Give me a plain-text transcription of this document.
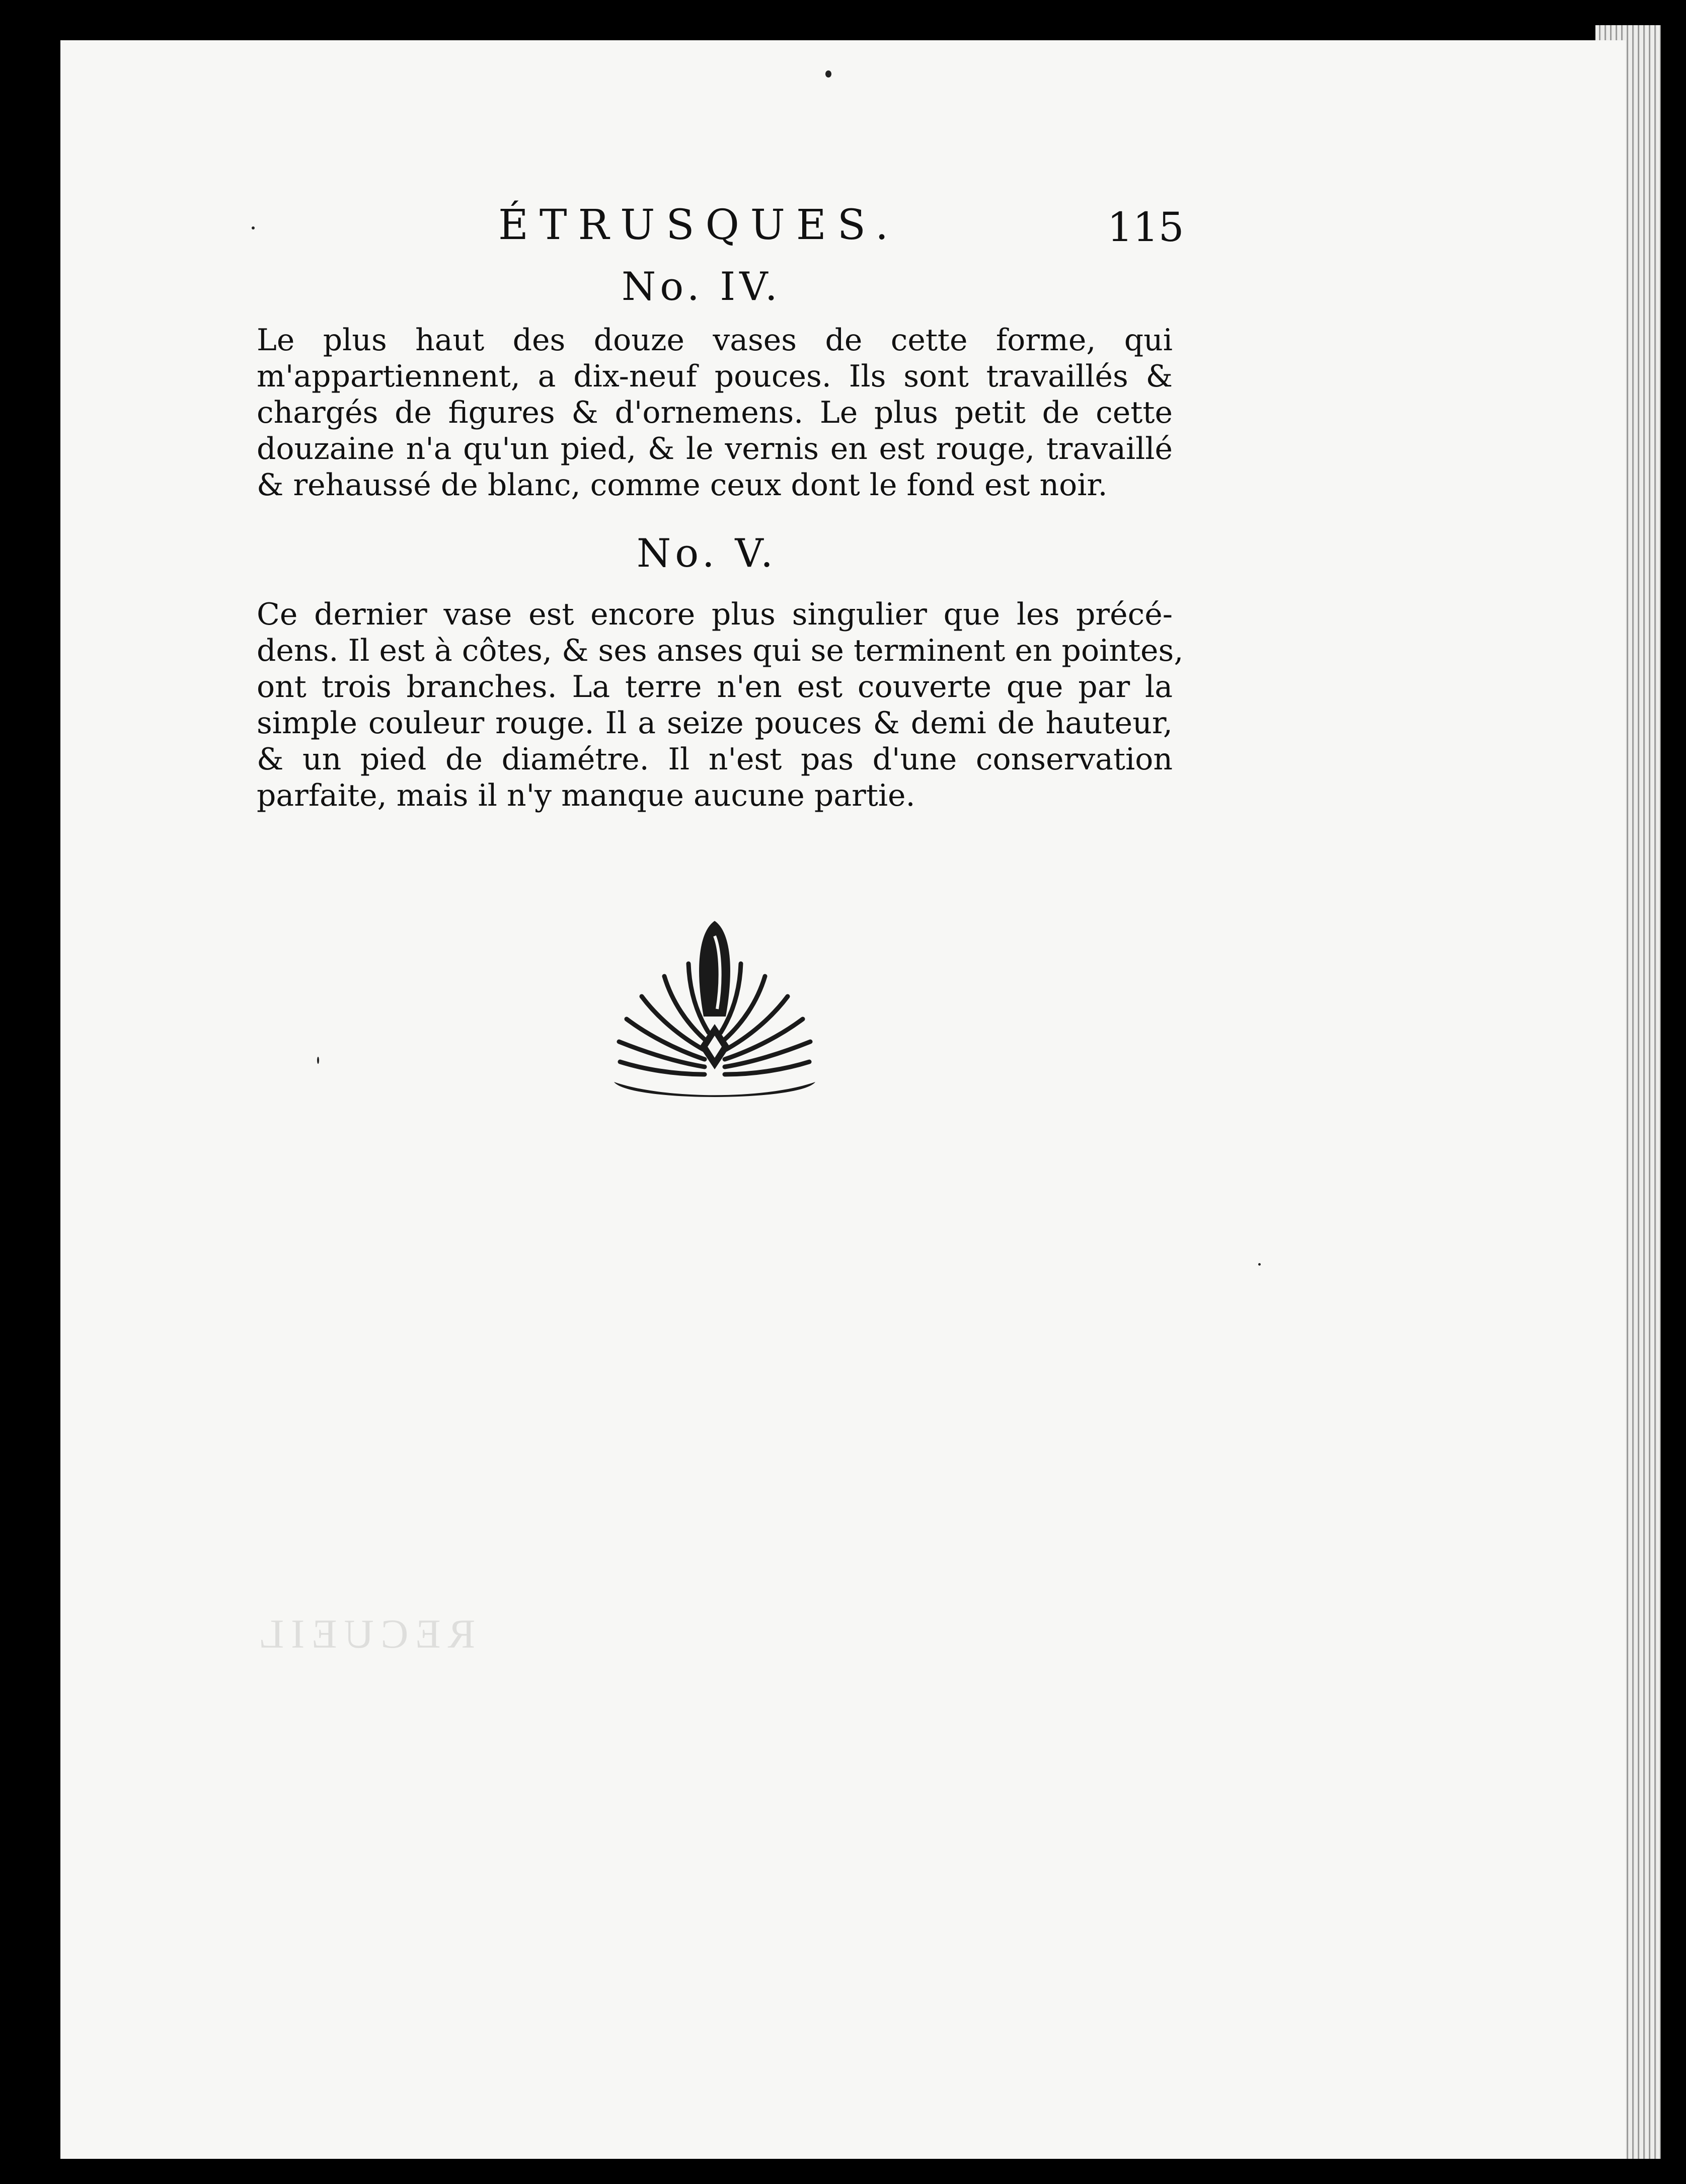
RECUEIL
ÉTRUSQUES.	115
No. IV.
Le plus haut des douze vases de cette forme, qui
m'appartiennent, a dix-neuf pouces. Ils sont travaillés &
chargés de figures & d'ornemens. Le plus petit de cette
douzaine n'a qu'un pied, & le vernis en est rouge, travaillé
& rehaussé de blanc, comme ceux dont le fond est noir.
No. V.
Ce dernier vase est encore plus singulier que les précé-
dens. Il est à côtes, & ses anses qui se terminent en pointes,
ont trois branches. La terre n'en est couverte que par la
simple couleur rouge. Il a seize pouces & demi de hauteur,
& un pied de diamétre. Il n'est pas d'une conservation
parfaite, mais il n'y manque aucune partie.
